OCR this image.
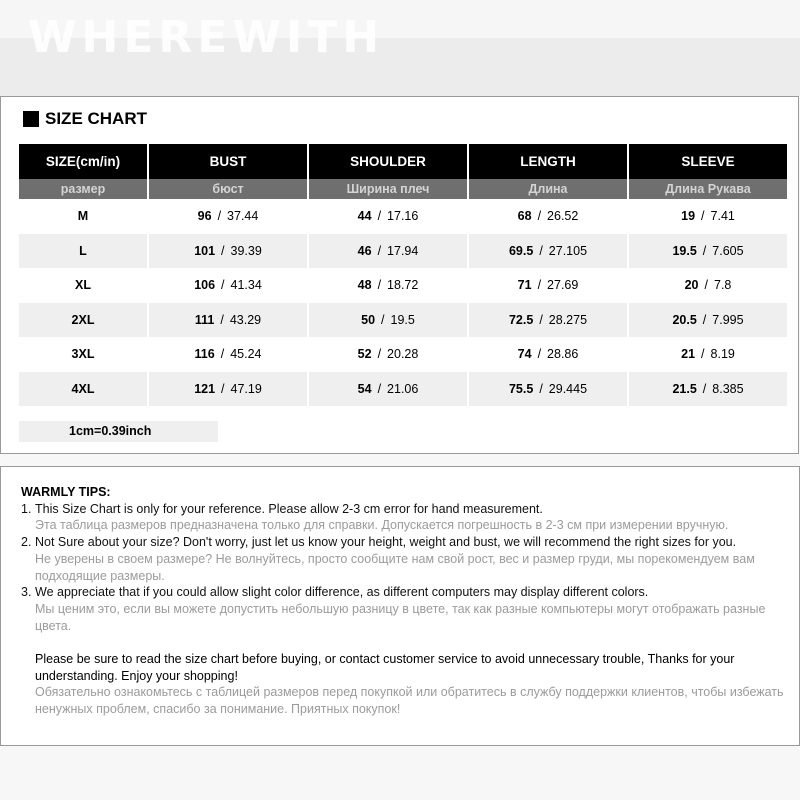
WHEREWITH
SIZE CHART
SIZE(cm/in)	BUST	SHOULDER	LENGTH	SLEEVE
размер	бюст	Ширина плеч	Длина	Длина Рукава
M	96 / 37.44	44 / 17.16	68 / 26.52	19 / 7.41
L	101 / 39.39	46 / 17.94	69.5 / 27.105	19.5 / 7.605
XL	106 / 41.34	48 / 18.72	71 / 27.69	20 / 7.8
2XL	111 / 43.29	50 / 19.5	72.5 / 28.275	20.5 / 7.995
3XL	116 / 45.24	52 / 20.28	74 / 28.86	21 / 8.19
4XL	121 / 47.19	54 / 21.06	75.5 / 29.445	21.5 / 8.385
1cm=0.39inch
WARMLY TIPS:
1. This Size Chart is only for your reference. Please allow 2-3 cm error for hand measurement.
Эта таблица размеров предназначена только для справки. Допускается погрешность в 2-3 см при измерении вручную.
2. Not Sure about your size? Don't worry, just let us know your height, weight and bust, we will recommend the right sizes for you.
Не уверены в своем размере? Не волнуйтесь, просто сообщите нам свой рост, вес и размер груди, мы порекомендуем вам подходящие размеры.
3. We appreciate that if you could allow slight color difference, as different computers may display different colors.
Мы ценим это, если вы можете допустить небольшую разницу в цвете, так как разные компьютеры могут отображать разные цвета.
Please be sure to read the size chart before buying, or contact customer service to avoid unnecessary trouble, Thanks for your understanding. Enjoy your shopping!
Обязательно ознакомьтесь с таблицей размеров перед покупкой или обратитесь в службу поддержки клиентов, чтобы избежать ненужных проблем, спасибо за понимание. Приятных покупок!
